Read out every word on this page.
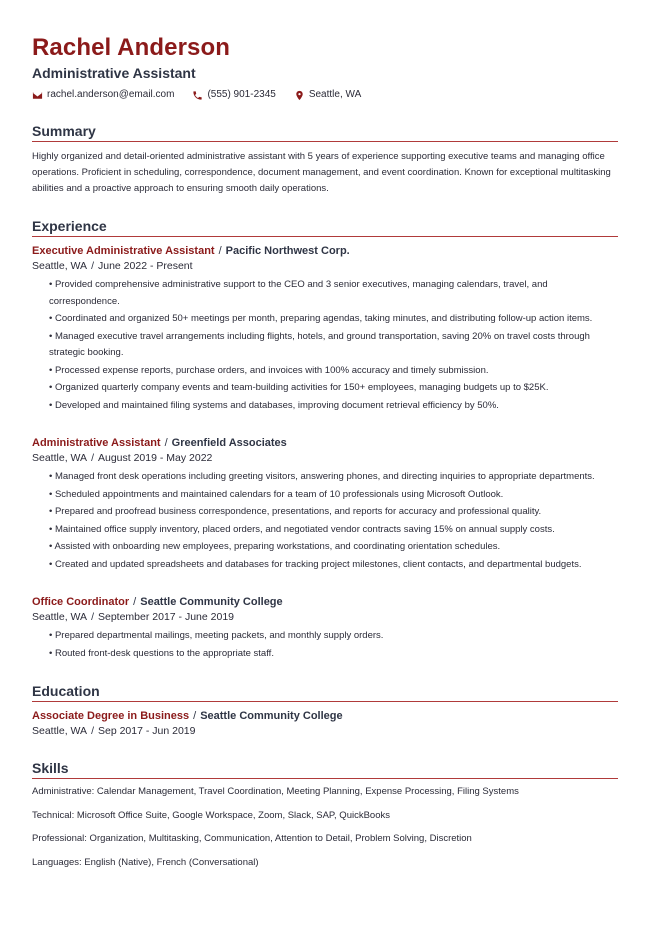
Rachel Anderson
Administrative Assistant
rachel.anderson@email.com	(555) 901-2345	Seattle, WA
Summary
Highly organized and detail-oriented administrative assistant with 5 years of experience supporting executive teams and managing office operations. Proficient in scheduling, correspondence, document management, and event coordination. Known for exceptional multitasking abilities and a proactive approach to ensuring smooth daily operations.
Experience
Executive Administrative Assistant / Pacific Northwest Corp.
Seattle, WA / June 2022 - Present
• Provided comprehensive administrative support to the CEO and 3 senior executives, managing calendars, travel, and correspondence.
• Coordinated and organized 50+ meetings per month, preparing agendas, taking minutes, and distributing follow-up action items.
• Managed executive travel arrangements including flights, hotels, and ground transportation, saving 20% on travel costs through strategic booking.
• Processed expense reports, purchase orders, and invoices with 100% accuracy and timely submission.
• Organized quarterly company events and team-building activities for 150+ employees, managing budgets up to $25K.
• Developed and maintained filing systems and databases, improving document retrieval efficiency by 50%.
Administrative Assistant / Greenfield Associates
Seattle, WA / August 2019 - May 2022
• Managed front desk operations including greeting visitors, answering phones, and directing inquiries to appropriate departments.
• Scheduled appointments and maintained calendars for a team of 10 professionals using Microsoft Outlook.
• Prepared and proofread business correspondence, presentations, and reports for accuracy and professional quality.
• Maintained office supply inventory, placed orders, and negotiated vendor contracts saving 15% on annual supply costs.
• Assisted with onboarding new employees, preparing workstations, and coordinating orientation schedules.
• Created and updated spreadsheets and databases for tracking project milestones, client contacts, and departmental budgets.
Office Coordinator / Seattle Community College
Seattle, WA / September 2017 - June 2019
• Prepared departmental mailings, meeting packets, and monthly supply orders.
• Routed front-desk questions to the appropriate staff.
Education
Associate Degree in Business / Seattle Community College
Seattle, WA / Sep 2017 - Jun 2019
Skills

Administrative: Calendar Management, Travel Coordination, Meeting Planning, Expense Processing, Filing Systems

Technical: Microsoft Office Suite, Google Workspace, Zoom, Slack, SAP, QuickBooks

Professional: Organization, Multitasking, Communication, Attention to Detail, Problem Solving, Discretion

Languages: English (Native), French (Conversational)
